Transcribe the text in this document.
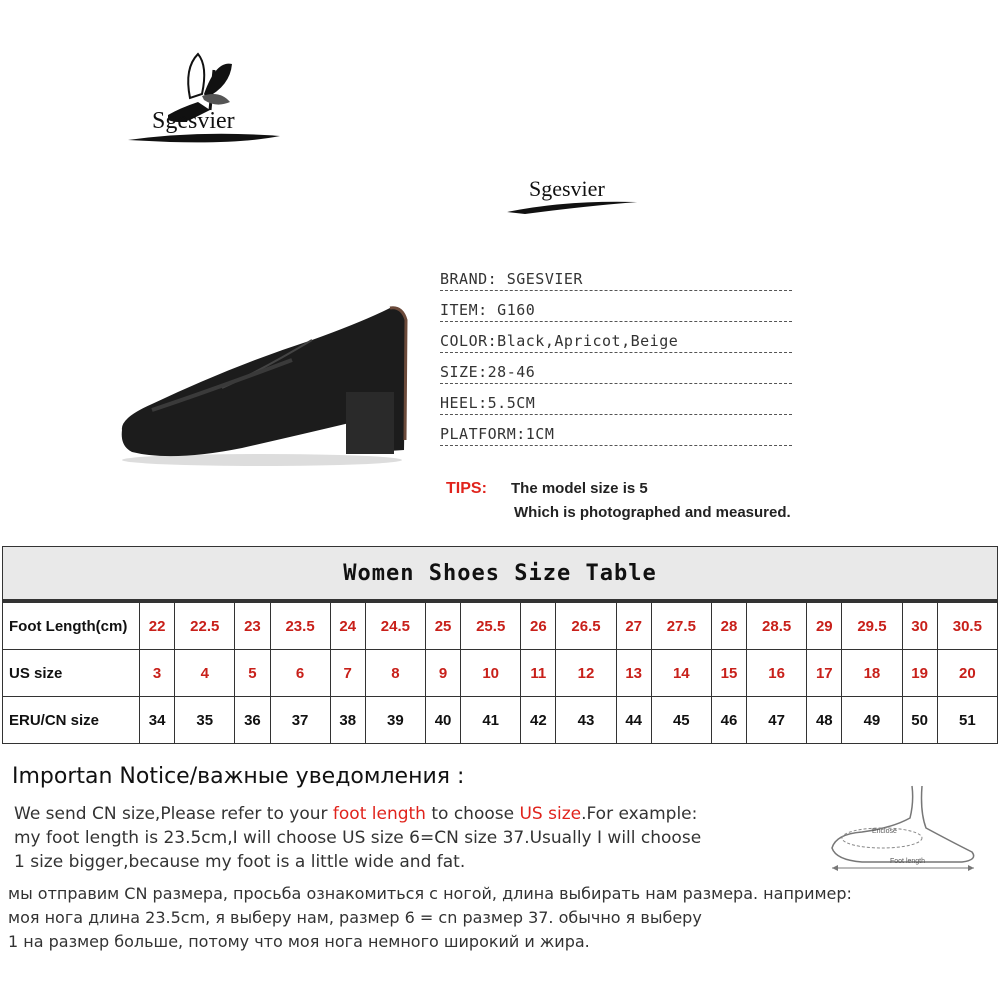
Sgesvier
Sgesvier
BRAND: SGESVIER
ITEM: G160
COLOR:Black,Apricot,Beige
SIZE:28-46
HEEL:5.5CM
PLATFORM:1CM
TIPS: The model size is 5
Which is photographed and measured.
Women Shoes Size Table																		
Foot Length(cm)	22	22.5	23	23.5	24	24.5	25	25.5	26	26.5	27	27.5	28	28.5	29	29.5	30	30.5
US size	3	4	5	6	7	8	9	10	11	12	13	14	15	16	17	18	19	20
ERU/CN size	34	35	36	37	38	39	40	41	42	43	44	45	46	47	48	49	50	51
Importan Notice/важные уведомления :
We send CN size,Please refer to your foot length to choose US size.For example:
my foot length is 23.5cm,I will choose US size 6=CN size 37.Usually I will choose
1 size bigger,because my foot is a little wide and fat.
мы отправим CN размера, просьба ознакомиться с ногой, длина выбирать нам размера. например:
моя нога длина 23.5cm, я выберу нам, размер 6 = cn размер 37. обычно я выберу
1 на размер больше, потому что моя нога немного широкий и жира.
Enclose
Foot length
